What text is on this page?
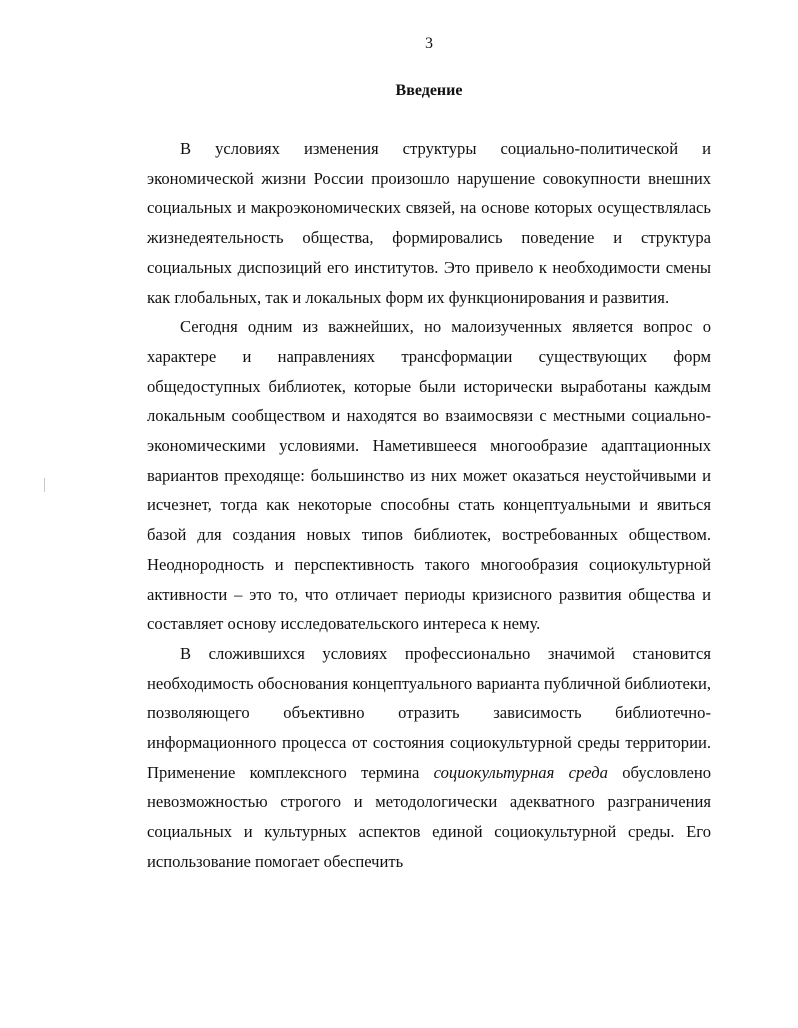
3
Введение

В условиях изменения структуры социально-политической и экономической жизни России произошло нарушение совокупности внешних социальных и макроэкономических связей, на основе которых осуществлялась жизнедеятельность общества, формировались поведение и структура социальных диспозиций его институтов. Это привело к необходимости смены как глобальных, так и локальных форм их функционирования и развития.

Сегодня одним из важнейших, но малоизученных является вопрос о характере и направлениях трансформации существующих форм общедоступных библиотек, которые были исторически выработаны каждым локальным сообществом и находятся во взаимосвязи с местными социально-экономическими условиями. Наметившееся многообразие адаптационных вариантов преходяще: большинство из них может оказаться неустойчивыми и исчезнет, тогда как некоторые способны стать концептуальными и явиться базой для создания новых типов библиотек, востребованных обществом. Неоднородность и перспективность такого многообразия социокультурной активности – это то, что отличает периоды кризисного развития общества и составляет основу исследовательского интереса к нему.

В сложившихся условиях профессионально значимой становится необходимость обоснования концептуального варианта публичной библиотеки, позволяющего объективно отразить зависимость библиотечно-информационного процесса от состояния социокультурной среды территории. Применение комплексного термина социокультурная среда обусловлено невозможностью строгого и методологически адекватного разграничения социальных и культурных аспектов единой социокультурной среды. Его использование помогает обеспечить
